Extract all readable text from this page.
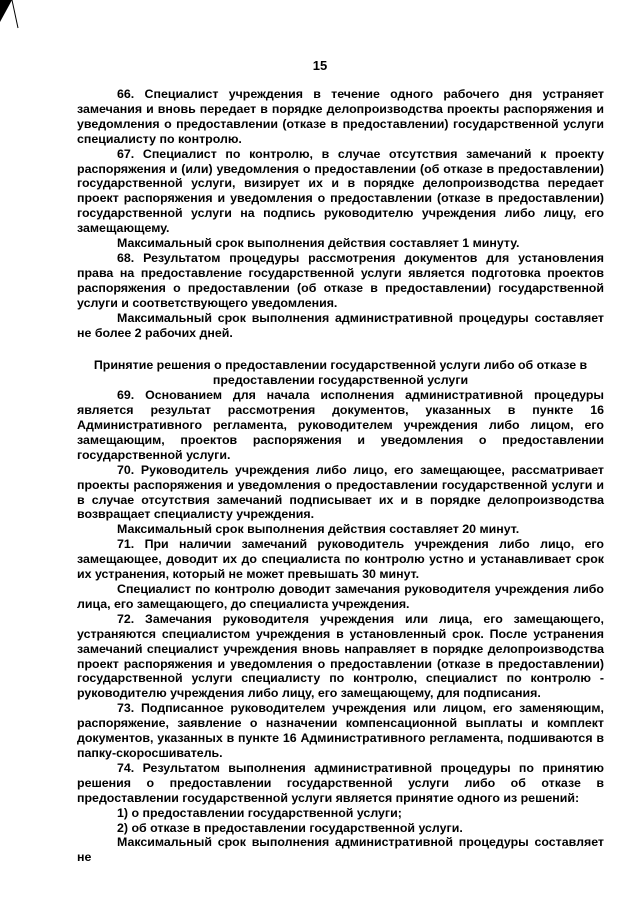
15

66. Специалист учреждения в течение одного рабочего дня устраняет замечания и вновь передает в порядке делопроизводства проекты распоряжения и уведомления о предоставлении (отказе в предоставлении) государственной услуги специалисту по контролю.

67. Специалист по контролю, в случае отсутствия замечаний к проекту распоряжения и (или) уведомления о предоставлении (об отказе в предоставлении) государственной услуги, визирует их и в порядке делопроизводства передает проект распоряжения и уведомления о предоставлении (отказе в предоставлении) государственной услуги на подпись руководителю учреждения либо лицу, его замещающему.

Максимальный срок выполнения действия составляет 1 минуту.

68. Результатом процедуры рассмотрения документов для установления права на предоставление государственной услуги является подготовка проектов распоряжения о предоставлении (об отказе в предоставлении) государственной услуги и соответствующего уведомления.

Максимальный срок выполнения административной процедуры составляет не более 2 рабочих дней.

Принятие решения о предоставлении государственной услуги либо об отказе в предоставлении государственной услуги

69. Основанием для начала исполнения административной процедуры является результат рассмотрения документов, указанных в пункте 16 Административного регламента, руководителем учреждения либо лицом, его замещающим, проектов распоряжения и уведомления о предоставлении государственной услуги.

70. Руководитель учреждения либо лицо, его замещающее, рассматривает проекты распоряжения и уведомления о предоставлении государственной услуги и в случае отсутствия замечаний подписывает их и в порядке делопроизводства возвращает специалисту учреждения.

Максимальный срок выполнения действия составляет 20 минут.

71. При наличии замечаний руководитель учреждения либо лицо, его замещающее, доводит их до специалиста по контролю устно и устанавливает срок их устранения, который не может превышать 30 минут.

Специалист по контролю доводит замечания руководителя учреждения либо лица, его замещающего, до специалиста учреждения.

72. Замечания руководителя учреждения или лица, его замещающего, устраняются специалистом учреждения в установленный срок. После устранения замечаний специалист учреждения вновь направляет в порядке делопроизводства проект распоряжения и уведомления о предоставлении (отказе в предоставлении) государственной услуги специалисту по контролю, специалист по контролю - руководителю учреждения либо лицу, его замещающему, для подписания.

73. Подписанное руководителем учреждения или лицом, его заменяющим, распоряжение, заявление о назначении компенсационной выплаты и комплект документов, указанных в пункте 16 Административного регламента, подшиваются в папку-скоросшиватель.

74. Результатом выполнения административной процедуры по принятию решения о предоставлении государственной услуги либо об отказе в предоставлении государственной услуги является принятие одного из решений:

1) о предоставлении государственной услуги;

2) об отказе в предоставлении государственной услуги.

Максимальный срок выполнения административной процедуры составляет не
